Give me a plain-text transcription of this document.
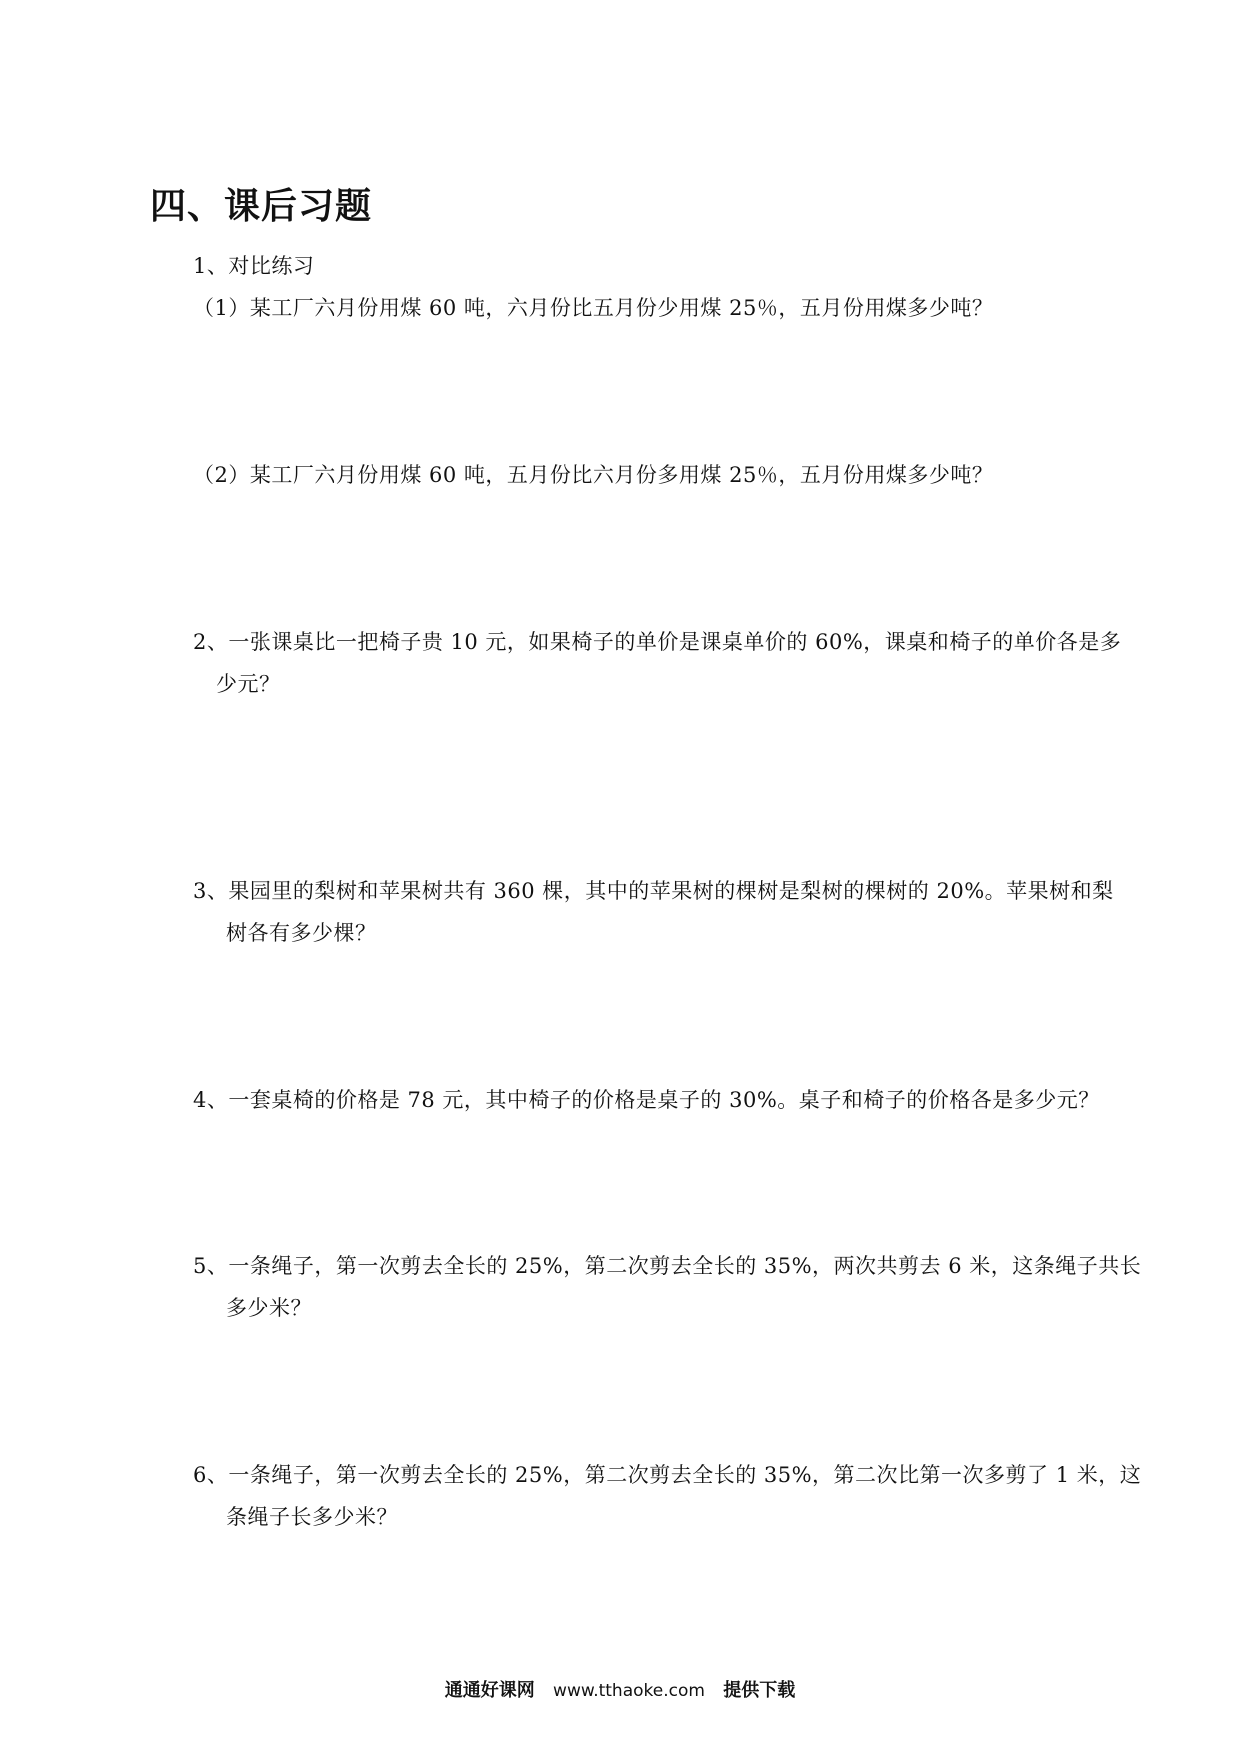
四、课后习题
1、对比练习
（1）某工厂六月份用煤 60 吨，六月份比五月份少用煤 25％，五月份用煤多少吨？
（2）某工厂六月份用煤 60 吨，五月份比六月份多用煤 25％，五月份用煤多少吨？
2、一张课桌比一把椅子贵 10 元，如果椅子的单价是课桌单价的 60%，课桌和椅子的单价各是多
少元？
3、果园里的梨树和苹果树共有 360 棵，其中的苹果树的棵树是梨树的棵树的 20%。苹果树和梨
树各有多少棵？
4、一套桌椅的价格是 78 元，其中椅子的价格是桌子的 30%。桌子和椅子的价格各是多少元？
5、一条绳子，第一次剪去全长的 25%，第二次剪去全长的 35%，两次共剪去 6 米，这条绳子共长
多少米？
6、一条绳子，第一次剪去全长的 25%，第二次剪去全长的 35%，第二次比第一次多剪了 1 米，这
条绳子长多少米？
通通好课网 www.tthaoke.com 提供下载
